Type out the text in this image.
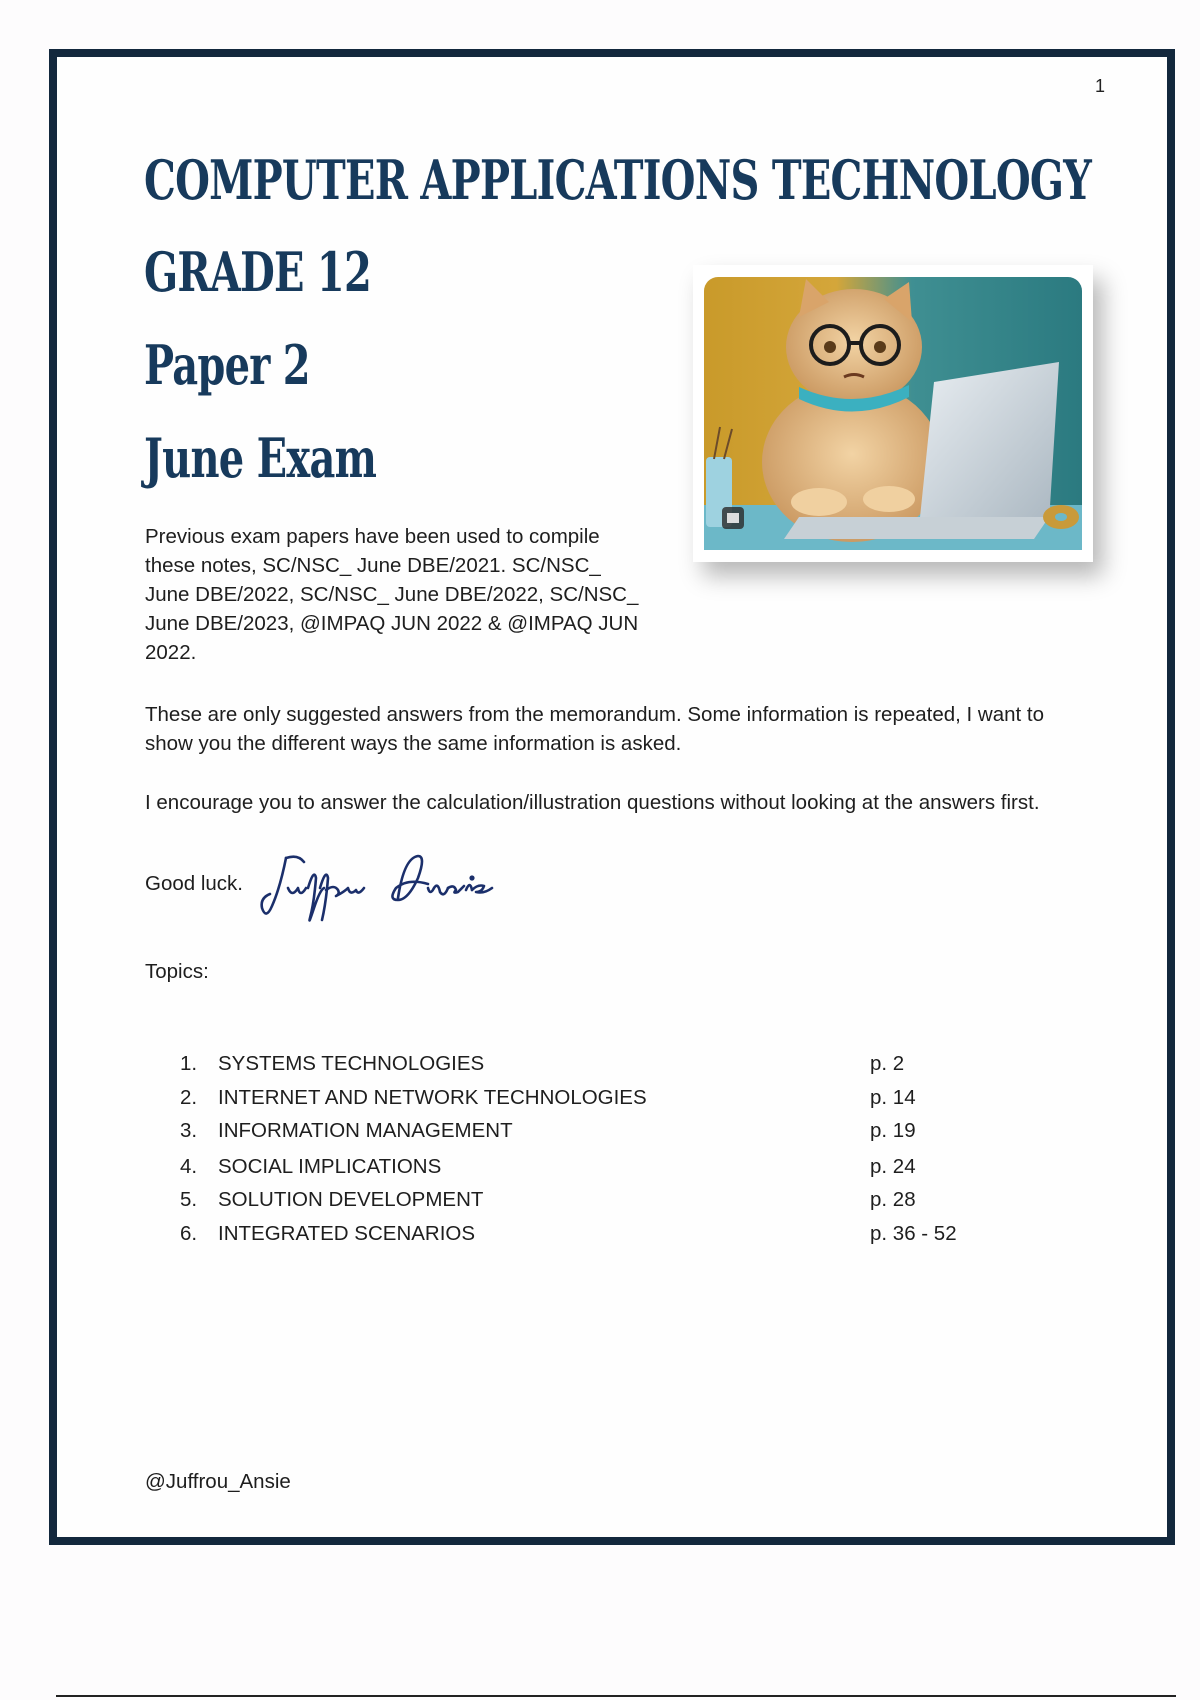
1
COMPUTER APPLICATIONS TECHNOLOGY
GRADE 12
Paper 2
June Exam

Previous exam papers have been used to compile these notes, SC/NSC_ June DBE/2021. SC/NSC_ June DBE/2022, SC/NSC_ June DBE/2022, SC/NSC_ June DBE/2023, @IMPAQ JUN 2022 & @IMPAQ JUN 2022.

These are only suggested answers from the memorandum. Some information is repeated, I want to show you the different ways the same information is asked.

I encourage you to answer the calculation/illustration questions without looking at the answers first.

Good luck.
Topics:
1. SYSTEMS TECHNOLOGIES	p. 2
2. INTERNET AND NETWORK TECHNOLOGIES	p. 14
3. INFORMATION MANAGEMENT	p. 19
4. SOCIAL IMPLICATIONS	p. 24
5. SOLUTION DEVELOPMENT	p. 28
6. INTEGRATED SCENARIOS	p. 36 - 52
@Juffrou_Ansie
